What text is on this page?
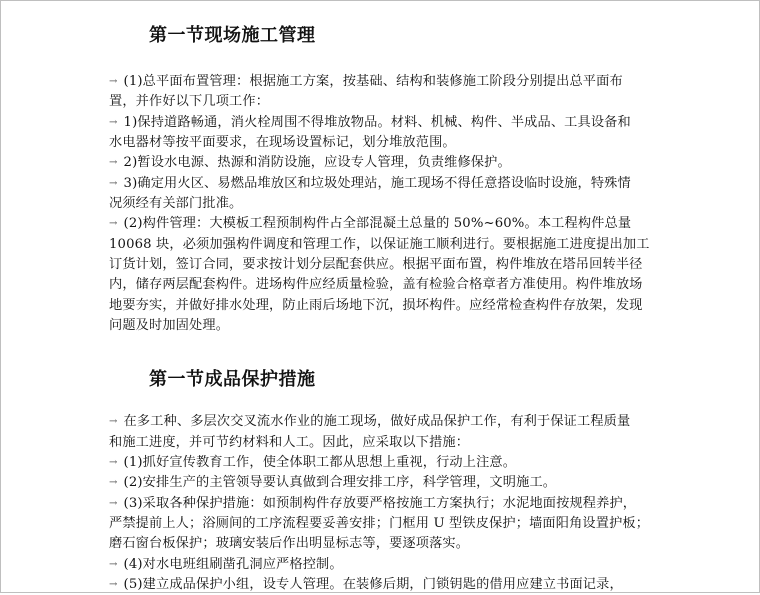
第一节现场施工管理
→ (1)总平面布置管理：根据施工方案，按基础、结构和装修施工阶段分别提出总平面布
置，并作好以下几项工作：
→ 1)保持道路畅通，消火栓周围不得堆放物品。材料、机械、构件、半成品、工具设备和
水电器材等按平面要求，在现场设置标记，划分堆放范围。
→ 2)暂设水电源、热源和消防设施，应设专人管理，负责维修保护。
→ 3)确定用火区、易燃品堆放区和垃圾处理站，施工现场不得任意搭设临时设施，特殊情
况须经有关部门批准。
→ (2)构件管理：大模板工程预制构件占全部混凝土总量的 50%~60%。本工程构件总量
10068 块，必须加强构件调度和管理工作，以保证施工顺利进行。要根据施工进度提出加工
订货计划，签订合同，要求按计划分层配套供应。根据平面布置，构件堆放在塔吊回转半径
内，储存两层配套构件。进场构件应经质量检验，盖有检验合格章者方准使用。构件堆放场
地要夯实，并做好排水处理，防止雨后场地下沉，损坏构件。应经常检查构件存放架，发现
问题及时加固处理。
第一节成品保护措施
→ 在多工种、多层次交叉流水作业的施工现场，做好成品保护工作，有利于保证工程质量
和施工进度，并可节约材料和人工。因此，应采取以下措施：
→ (1)抓好宣传教育工作，使全体职工都从思想上重视，行动上注意。
→ (2)安排生产的主管领导要认真做到合理安排工序，科学管理，文明施工。
→ (3)采取各种保护措施：如预制构件存放要严格按施工方案执行；水泥地面按规程养护，
严禁提前上人；浴厕间的工序流程要妥善安排；门框用 U 型铁皮保护；墙面阳角设置护板；
磨石窗台板保护；玻璃安装后作出明显标志等，要逐项落实。
→ (4)对水电班组刷凿孔洞应严格控制。
→ (5)建立成品保护小组，设专人管理。在装修后期，门锁钥匙的借用应建立书面记录，
